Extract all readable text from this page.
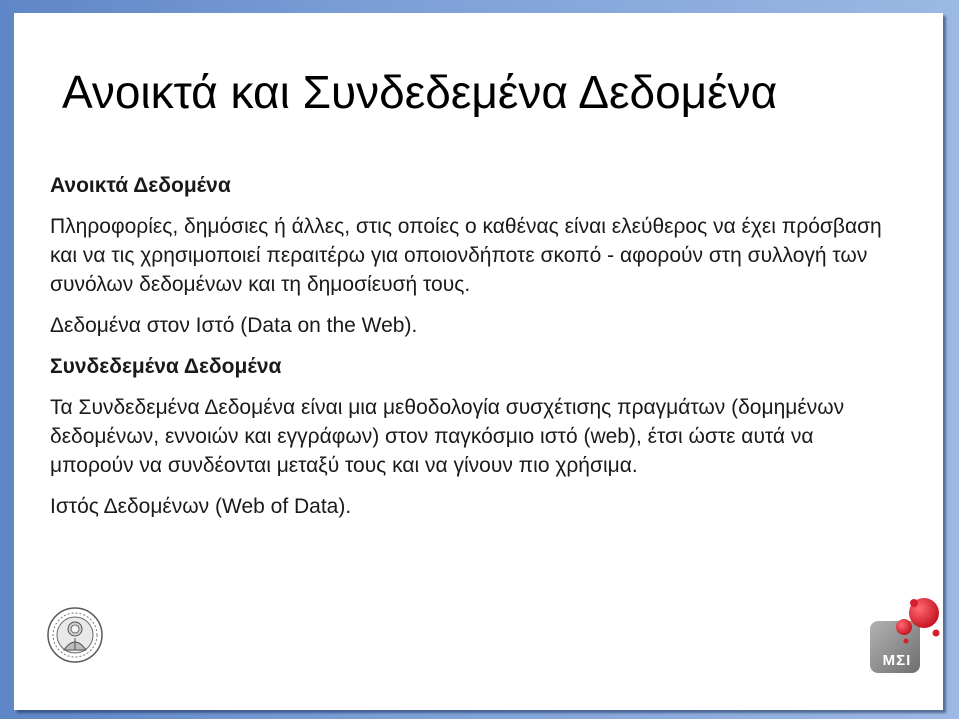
Ανοικτά και Συνδεδεμένα Δεδομένα
Ανοικτά Δεδομένα
Πληροφορίες, δημόσιες ή άλλες, στις οποίες ο καθένας είναι ελεύθερος να έχει πρόσβαση και να τις χρησιμοποιεί περαιτέρω για οποιονδήποτε σκοπό - αφορούν στη συλλογή των συνόλων δεδομένων και τη δημοσίευσή τους.
Δεδομένα στον Ιστό (Data on the Web).
Συνδεδεμένα Δεδομένα
Τα Συνδεδεμένα Δεδομένα είναι μια μεθοδολογία συσχέτισης πραγμάτων (δομημένων δεδομένων, εννοιών και εγγράφων) στον παγκόσμιο ιστό (web), έτσι ώστε αυτά να μπορούν να συνδέονται μεταξύ τους και να γίνουν πιο χρήσιμα.
Ιστός Δεδομένων (Web of Data).
ΜΣΙ
